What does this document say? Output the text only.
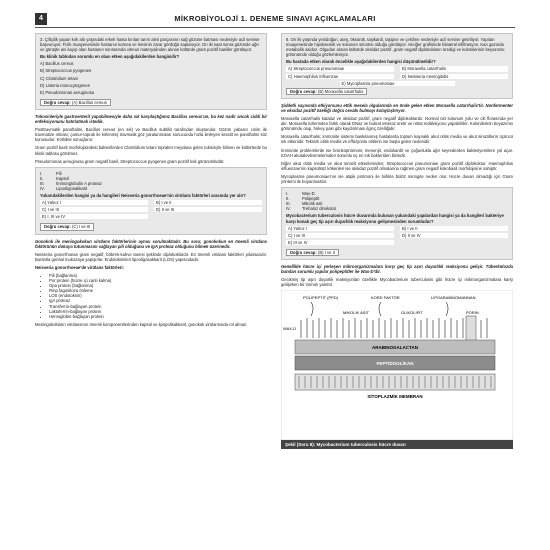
4	MİKROBİYOLOJİ 1. DENEME SINAVI AÇIKLAMALARI

3. Çiftçilik yapan kırk altı yaşındaki erkek hasta kırılan tarım aleti parçasının sağ gözüne batması nedeniyle acil servise başvuruyor. Fizik muayenesinde hastanın kornea ve lensinin zarar gördüğü saptanıyor. On iki saat sonra gözünde ağrı ve görüşte ani kayıp olan hastanın sonrasında vitreus materyalinden alınan kültürde gram pozitif basiller görülüyor.

Bu klinik tablodan sorumlu en olası etken aşağıdakilerden hangisidir?

A) Bacillus cereus

B) Streptococcus pyogenes

C) Clostridium tetani

D) Listeria monocytogenes

E) Pseudomonas aeruginosa

Doğru cevap: (A) Bacillus cereus

Tokosinleriyle gastroenterit yapabilmesiyle daha sık karşılaştığımız Bacillus cereus'un, bu kez nadir ancak ciddi bir enfeksiyonunu hatırlatmak istedik.

Posttravmatik panoftalmi, Bacillus cereus (en sık) ve Bacillus subtilis tarafından oluşturulur. Gözün yabancı cisim ile travmatize olması; çamur-toprak ile kirlenmiş travmatik göz yaralanmaları sonucunda hızla ilerleyen keratit ve panoftalmi söz konusudur. Körlükle sonuçlanır.

Gram pozitif basil morfolojisindeki bakterilerden Clostridium tetani topraktır meydana gelen tokisinyle bilinen ve kültürlerde bu klinik tablosu görülmez.

Pseudomonas aeruginosa gram negatif basil, Streptococcus pyogenes gram pozitif kok görünümlüdür.

I.	Pili
II.	Kapsül
III.	İmmünglobulin A proteaz
IV.	Lipooligosakkarit

Yukarıdakilerden hangisi ya da hangileri Neisseria gonorrhoeae'nin virülans faktörleri arasında yer alır?

A) Yalnız I	B) I ve II

C) I ve III	D) II ve III

E) I, III ve IV

Doğru cevap: (C) I ve III

Gonokok ile meningokokun virülans faktörlerinin aynısı sorulmaktadır. Bu soru; gonokokun en önemli virülans faktörünün dokuya tutunmasını sağlayan pili olduğunu ve IgA proteaz olduğunu bilmek üzerinedir.

Neisseria gonorrhoeae gram negatif, böbrek-kahve tanesi şeklinde diplokoklardır. En önemli virülans faktörleri pilussarıdır. Bunlarla genital mukozaya yapışırlar. Endotoksinleri lipooligosakkarit (LOS) yapısındadır.

Neisseria gonorrhoeae'de virülans faktörleri:

• Pili (bağlanma)
• Por protein (hücre içi canlı kalma)
• Opa protein (bağlanma)
• Rmp fagositoza önleme
• LOS (endotoksin)
• IgA proteaz
• Transferrin-bağlayan protein
• Laktoferrin-bağlayan protein
• Hemoglobin-bağlayan protein

Meningokokların virülansının önemli komponentlerinden kapsül ve lipopolisakkarit, gonokok virülansında rol almaz.

6. On iki yaşında yenidoğan, ateş, öksürük, taşikardi, taşipne ve çekilme nedeniyle acil servise getiriliyor. Yapılan muayenesinde hipoksemik ve solunum sıkıntısı olduğu görülüyor. Akciğer grafisinde bilateral infiltrasyon. Kan gazında metabolik asidoz. Olgudan alınan kültürde oksidaz pozitif, gram negatif diplokokların üredigi ve kolonilerinin beyazımsı görünümde olduğu gözlemleniyor.

Bu hastada etken olarak öncelikle aşağıdakilerden hangisi düşünülmelidir?

A) Streptococcus pneumoniae	B) Moraxella catarrhalis

C) Haemophilus influenzae	D) Neisseria meningitidis

E) Mycoplasma pneumoniae

Doğru cevap: (B) Moraxella catarrhalis

Şiddetli sayısında etkiyorsunu ettik mesela olgularında en önde gelen etken Moraxella catarrhalis'tir. Nonfermenter ve oksidaz pozitif özelliği doğru cevabı bulmayı kolaylaştırıyor.

Moraxella catarrhalis katalaz ve oksidaz pozitif, gram negatif diplokoklardır. Normal üst solunum yolu ve cilt florasında yer alır. Moraxella türlerinden farklı olarak DNaz ve butirat esteraz üretir ve nitrat redüksiyonu yapabilirler. Kolonilerinin beyazımsı görünümde olup, hokey pakı gibi kaydırılması ilginç özelliğidir.

Moraxella catarrhalis; immünite sistemi baskılanmış hastalarda toplum kaynaklı akut otitis media ve akut sinüzitlerin üçüncü sık etkenidir. Tekrarlı otitis media ve effüzyonlu otitlerin ise başta gelen nedenidir.

İmmünite problemlerde ise bronkopnömoni; menenjit, endokardit ve çoğunlukla ağır seyrederden bakteriyemilere yol açar. KOAH akutalevlenmelerinden sorumlu üç en sık bakteriden birisidir.

Diğer akut otitis media ve akut sinüzit etkenlerinden; Streptococcus pneumoniae gram pozitif diplokoktur. Haemophilus influenzae'nin kapsülsüz kökenleri ise oksidaz pozitif olmalarına rağmen gram negatif kokobasil morfolojisine sahiptir.

Mycoplasma pneumoniae'nın ise atipik pnömoni ile birlikte bülöz miringite neden olur. Hücre duvarı olmadığı için Gram yöntemi ile boyanmazlar.

I.	Wax-D
II.	Polipeptit
III.	Mikolik asit
IV.	Trehaloz dimikolat

Mycobacterium tuberculosis hücre duvarında bulunan yukarıdaki yapılardan hangisi ya da hangileri bakteriye karşı konak geç tip aşırı duyarlılık reaksiyonu gelişmesinden sorumludur?

A) Yalnız I	B) I ve II

C) I ve III	D) II ve IV

E) III ve IV

Doğru cevap: (B) I ve II

Genellikle hücre içi yerleşen mikroorganizmalara karşı geç tip aşırı duyarlılık reaksiyonu gelişir. Tüberkülozda bundan sorumlu yapılar polipeptitler ile Wax-D'dir.

Gecikmiş tip aşırı duyarlık reaksiyonları özellikle Mycobacterium tuberculosis gibi hücre içi mikroorganizmalara karşı gelişirken bir immün yanıttır.

POLİPEPTİT (PPD)	KORD FAKTÖR	LİPOARABİNOMANNAN
MİKOLİK ASİT	GLİKOLİPİT	PORİN
WAX-D
ARABINOGALACTAN
PEPTİDOGLİKAN
SİTOPLAZMİK MEMBRAN
Şekil (Soru 8): Mycobacterium tuberculosis hücre duvarı
